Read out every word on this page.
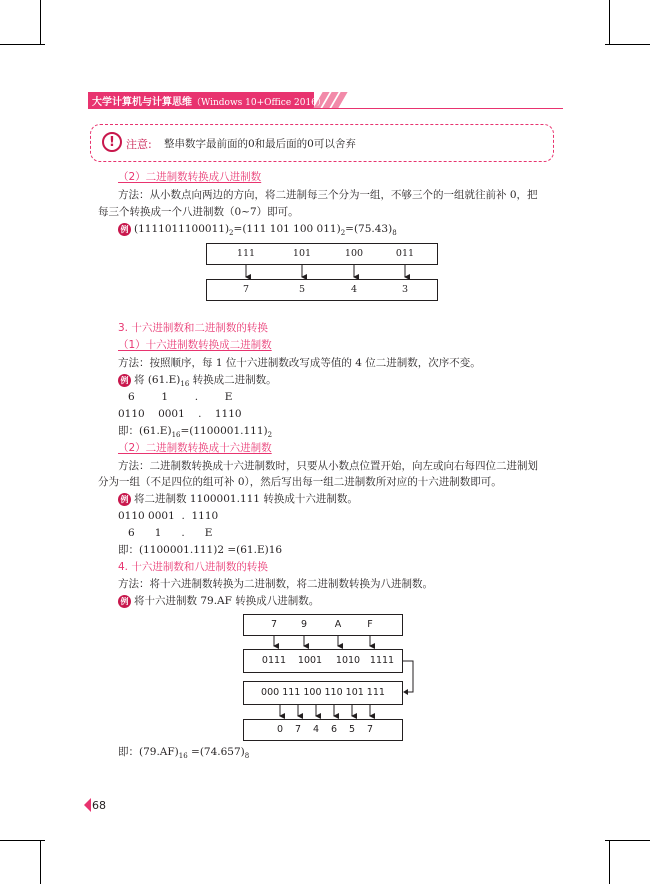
大学计算机与计算思维（Windows 10+Office 2016）
!	注意: 整串数字最前面的0和最后面的0可以舍弃
（2）二进制数转换成八进制数
方法：从小数点向两边的方向，将二进制每三个分为一组，不够三个的一组就往前补 0，把
每三个转换成一个八进制数（0~7）即可。
例 $(1111011100011)_2=(111$ 101 100 $011)_2=(75.43)_8$
111	101	100	011
7	5	4	3
3. 十六进制数和二进制数的转换
（1）十六进制数转换成二进制数
方法：按照顺序，每 1 位十六进制数改写成等值的 4 位二进制数，次序不变。
例 将 $(61.E)_{16}$ 转换成二进制数。
6        1        .        E
0110    0001    .    1110
即：$(61.E)_{16}=(1100001.111)_2$
（2）二进制数转换成十六进制数
方法：二进制数转换成十六进制数时，只要从小数点位置开始，向左或向右每四位二进制划
分为一组（不足四位的组可补 0），然后写出每一组二进制数所对应的十六进制数即可。
例 将二进制数 1100001.111 转换成十六进制数。
0110 0001  .  1110
6      1      .      E
即：(1100001.111)2 =(61.E)16
4. 十六进制数和八进制数的转换
方法：将十六进制数转换为二进制数，将二进制数转换为八进制数。
例 将十六进制数 79.AF 转换成八进制数。
7	9	A	F
0111	1001	1010	1111
000 111 100 110 101 111
0	7	4	6	5	7
即：$(79.AF)_{16} =(74.657)_8$
68
